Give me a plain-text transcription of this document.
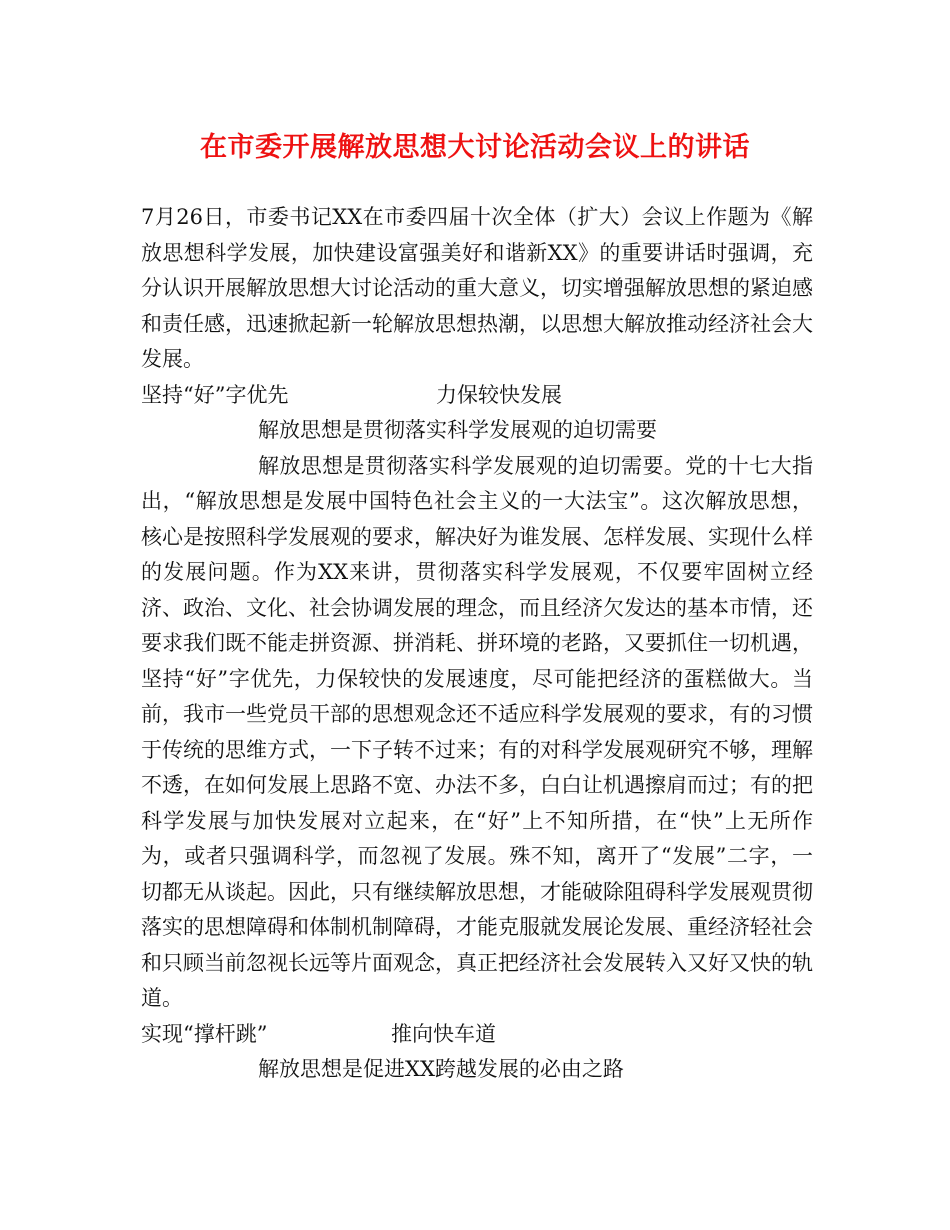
在市委开展解放思想大讨论活动会议上的讲话

7月26日，市委书记XX在市委四届十次全体（扩大）会议上作题为《解放思想科学发展，加快建设富强美好和谐新XX》的重要讲话时强调，充分认识开展解放思想大讨论活动的重大意义，切实增强解放思想的紧迫感和责任感，迅速掀起新一轮解放思想热潮，以思想大解放推动经济社会大发展。

坚持“好”字优先	力保较快发展

解放思想是贯彻落实科学发展观的迫切需要

解放思想是贯彻落实科学发展观的迫切需要。党的十七大指出，“解放思想是发展中国特色社会主义的一大法宝”。这次解放思想，核心是按照科学发展观的要求，解决好为谁发展、怎样发展、实现什么样的发展问题。作为XX来讲，贯彻落实科学发展观，不仅要牢固树立经济、政治、文化、社会协调发展的理念，而且经济欠发达的基本市情，还要求我们既不能走拼资源、拼消耗、拼环境的老路，又要抓住一切机遇，坚持“好”字优先，力保较快的发展速度，尽可能把经济的蛋糕做大。当前，我市一些党员干部的思想观念还不适应科学发展观的要求，有的习惯于传统的思维方式，一下子转不过来；有的对科学发展观研究不够，理解不透，在如何发展上思路不宽、办法不多，白白让机遇擦肩而过；有的把科学发展与加快发展对立起来，在“好”上不知所措，在“快”上无所作为，或者只强调科学，而忽视了发展。殊不知，离开了“发展”二字，一切都无从谈起。因此，只有继续解放思想，才能破除阻碍科学发展观贯彻落实的思想障碍和体制机制障碍，才能克服就发展论发展、重经济轻社会和只顾当前忽视长远等片面观念，真正把经济社会发展转入又好又快的轨道。

实现“撑杆跳”	推向快车道

解放思想是促进XX跨越发展的必由之路
